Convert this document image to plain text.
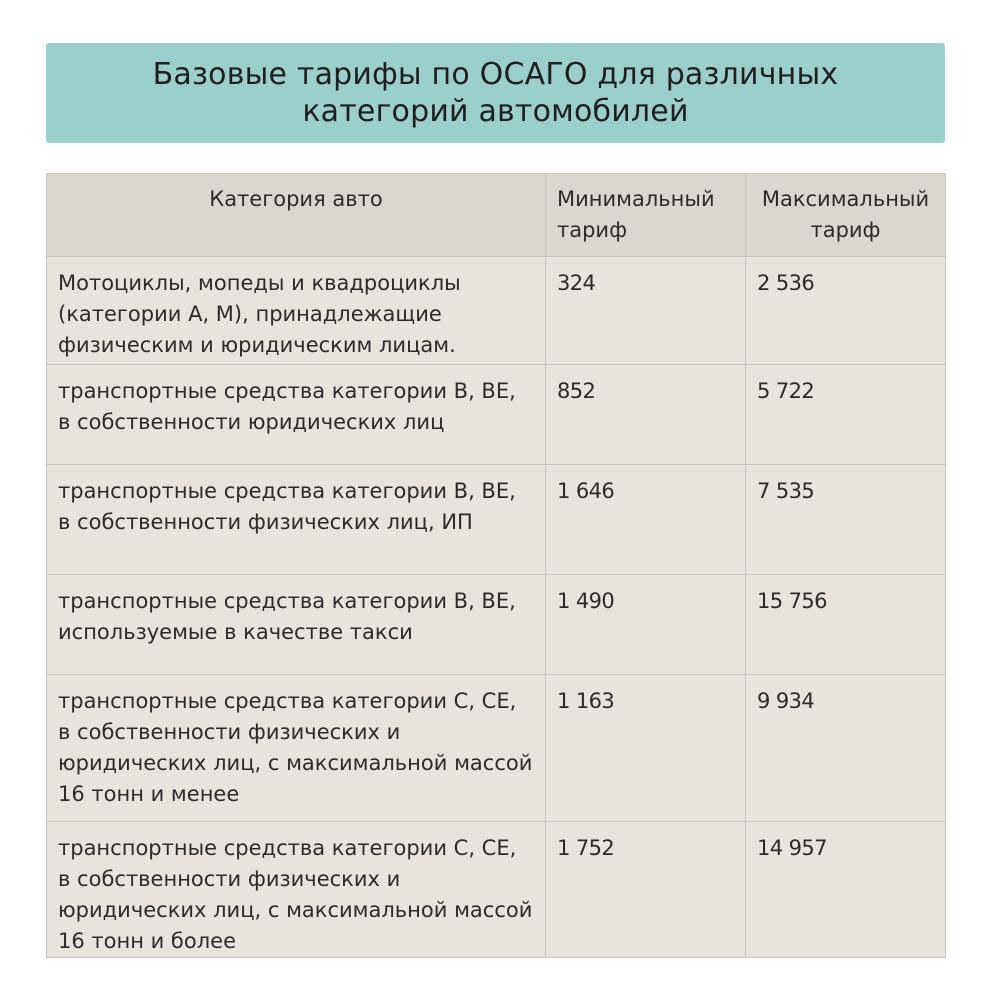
Базовые тарифы по ОСАГО для различных категорий автомобилей
Категория авто	Минимальный тариф	Максимальный тариф
Мотоциклы, мопеды и квадроциклы (категории A, M), принадлежащие физическим и юридическим лицам.	324	2 536
транспортные средства категории B, BE, в собственности юридических лиц	852	5 722
транспортные средства категории B, BE, в собственности физических лиц, ИП	1 646	7 535
транспортные средства категории B, BE, используемые в качестве такси	1 490	15 756
транспортные средства категории C, CE, в собственности физических и юридических лиц, с максимальной массой 16 тонн и менее	1 163	9 934
транспортные средства категории C, CE, в собственности физических и юридических лиц, с максимальной массой 16 тонн и более	1 752	14 957
